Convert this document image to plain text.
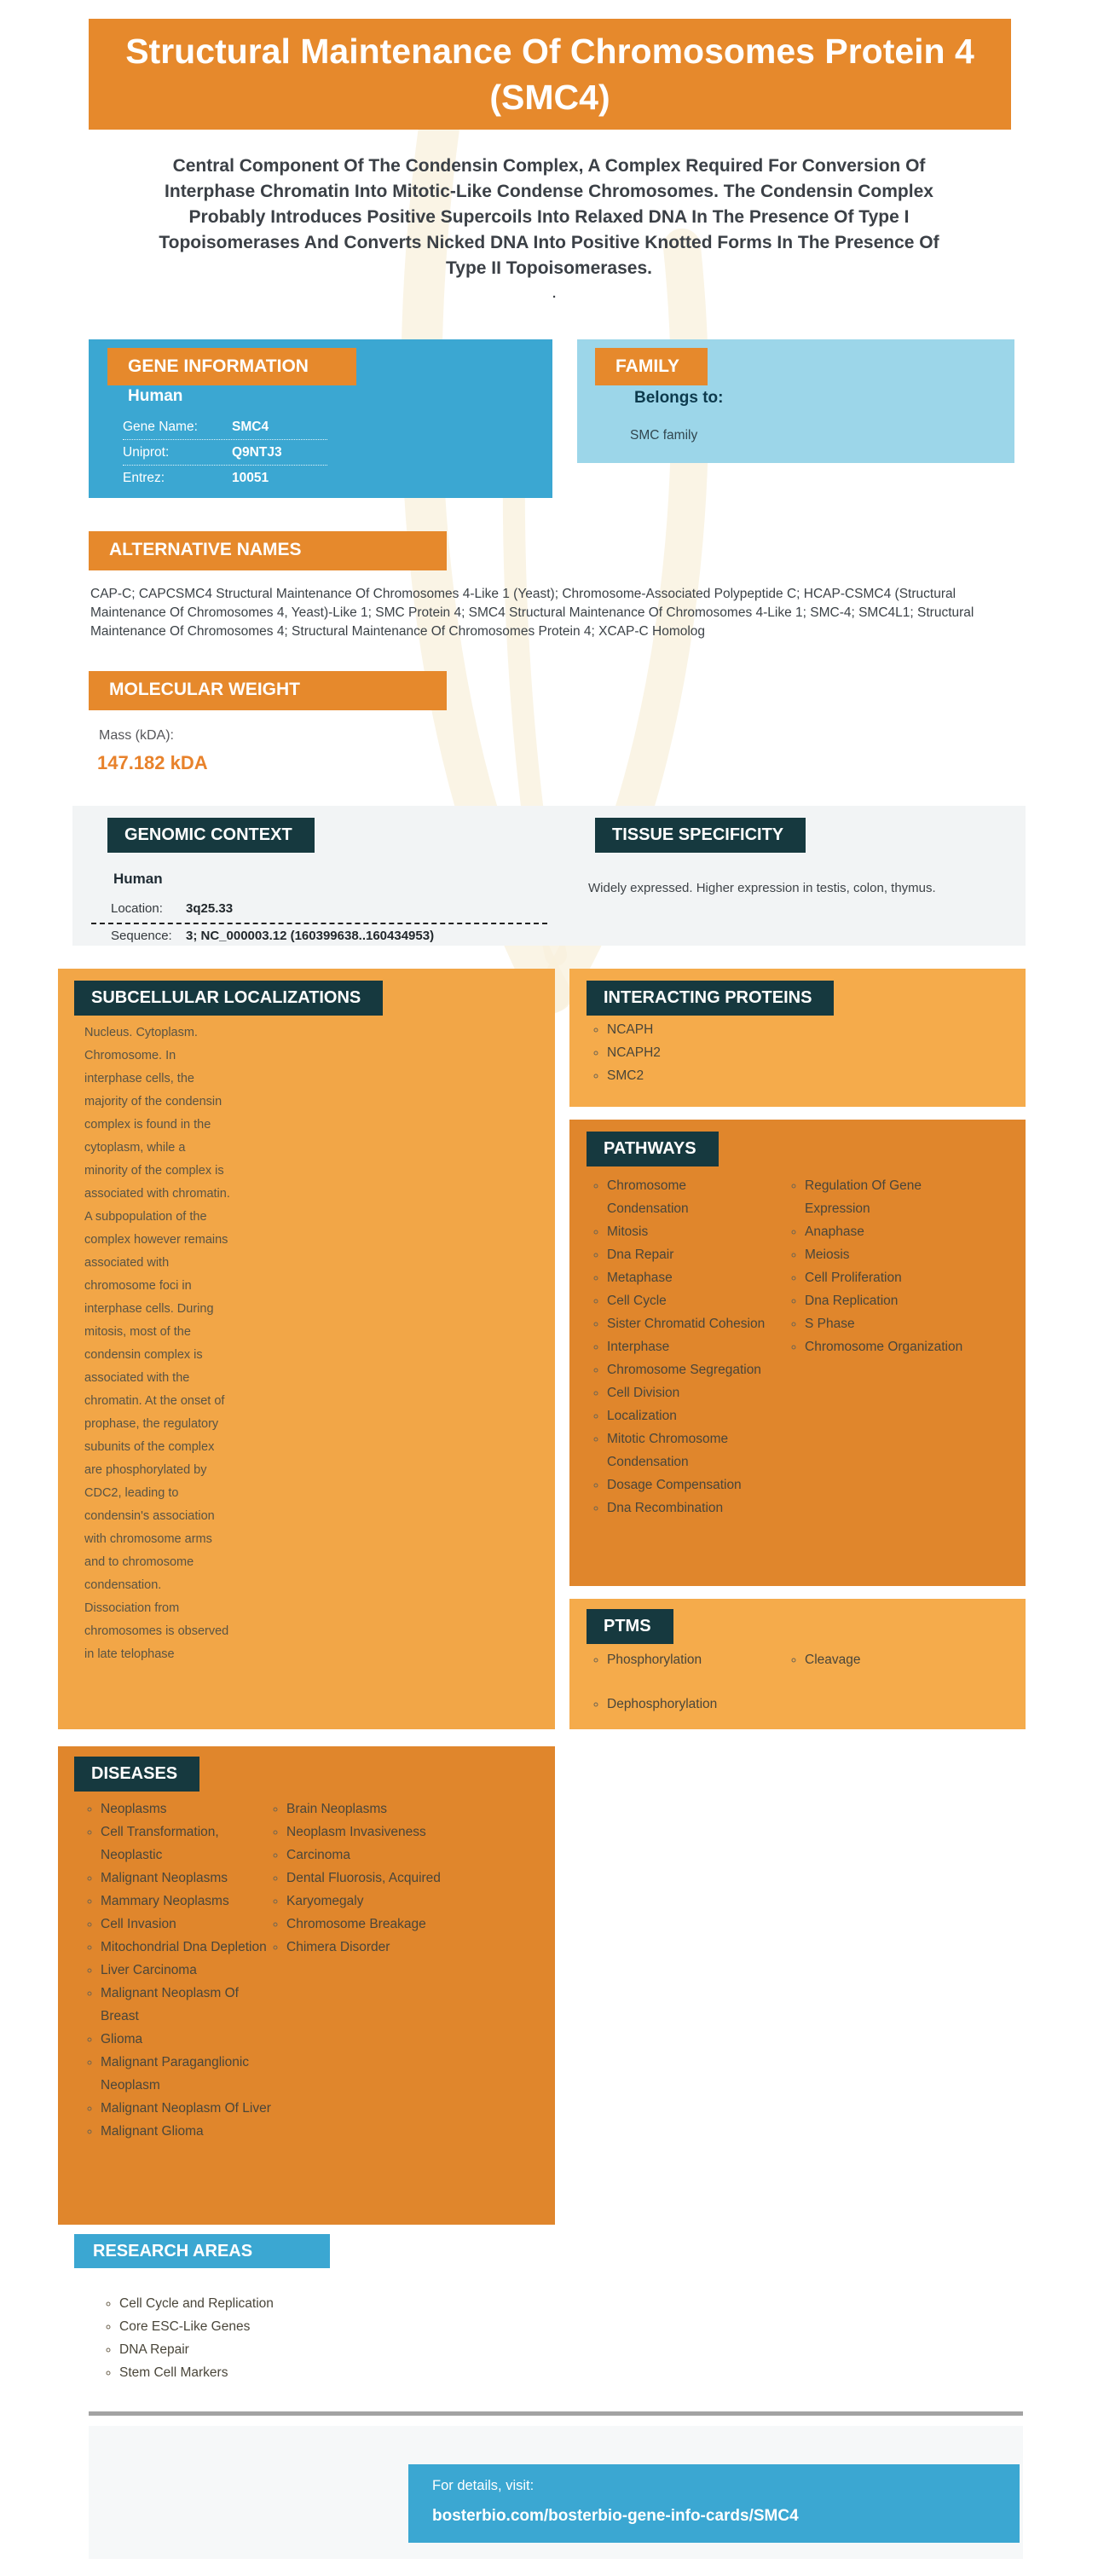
Structural Maintenance Of Chromosomes Protein 4 (SMC4)
Central Component Of The Condensin Complex, A Complex Required For Conversion Of Interphase Chromatin Into Mitotic-Like Condense Chromosomes. The Condensin Complex Probably Introduces Positive Supercoils Into Relaxed DNA In The Presence Of Type I Topoisomerases And Converts Nicked DNA Into Positive Knotted Forms In The Presence Of Type II Topoisomerases.
.
GENE INFORMATION
Human
Gene Name:	SMC4
Uniprot:	Q9NTJ3
Entrez:	10051
FAMILY
Belongs to:
SMC family
ALTERNATIVE NAMES
CAP-C; CAPCSMC4 Structural Maintenance Of Chromosomes 4-Like 1 (Yeast); Chromosome-Associated Polypeptide C; HCAP-CSMC4 (Structural Maintenance Of Chromosomes 4, Yeast)-Like 1; SMC Protein 4; SMC4 Structural Maintenance Of Chromosomes 4-Like 1; SMC-4; SMC4L1; Structural Maintenance Of Chromosomes 4; Structural Maintenance Of Chromosomes Protein 4; XCAP-C Homolog
MOLECULAR WEIGHT
Mass (kDA):
147.182 kDA
GENOMIC CONTEXT
Human
Location:	3q25.33
Sequence:	3; NC_000003.12 (160399638..160434953)
TISSUE SPECIFICITY
Widely expressed. Higher expression in testis, colon, thymus.
SUBCELLULAR LOCALIZATIONS
Nucleus. Cytoplasm. Chromosome. In interphase cells, the majority of the condensin complex is found in the cytoplasm, while a minority of the complex is associated with chromatin. A subpopulation of the complex however remains associated with chromosome foci in interphase cells. During mitosis, most of the condensin complex is associated with the chromatin. At the onset of prophase, the regulatory subunits of the complex are phosphorylated by CDC2, leading to condensin's association with chromosome arms and to chromosome condensation. Dissociation from chromosomes is observed in late telophase
INTERACTING PROTEINS
◦ NCAPH
◦ NCAPH2
◦ SMC2
PATHWAYS
◦ Chromosome Condensation
◦ Mitosis
◦ Dna Repair
◦ Metaphase
◦ Cell Cycle
◦ Sister Chromatid Cohesion
◦ Interphase
◦ Chromosome Segregation
◦ Cell Division
◦ Localization
◦ Mitotic Chromosome Condensation
◦ Dosage Compensation
◦ Dna Recombination
◦ Regulation Of Gene Expression
◦ Anaphase
◦ Meiosis
◦ Cell Proliferation
◦ Dna Replication
◦ S Phase
◦ Chromosome Organization
PTMS
◦ Phosphorylation
◦ Dephosphorylation
◦ Cleavage
DISEASES
◦ Neoplasms
◦ Cell Transformation, Neoplastic
◦ Malignant Neoplasms
◦ Mammary Neoplasms
◦ Cell Invasion
◦ Mitochondrial Dna Depletion
◦ Liver Carcinoma
◦ Malignant Neoplasm Of Breast
◦ Glioma
◦ Malignant Paraganglionic Neoplasm
◦ Malignant Neoplasm Of Liver
◦ Malignant Glioma
◦ Brain Neoplasms
◦ Neoplasm Invasiveness
◦ Carcinoma
◦ Dental Fluorosis, Acquired
◦ Karyomegaly
◦ Chromosome Breakage
◦ Chimera Disorder
RESEARCH AREAS
◦ Cell Cycle and Replication
◦ Core ESC-Like Genes
◦ DNA Repair
◦ Stem Cell Markers
For details, visit:
bosterbio.com/bosterbio-gene-info-cards/SMC4
